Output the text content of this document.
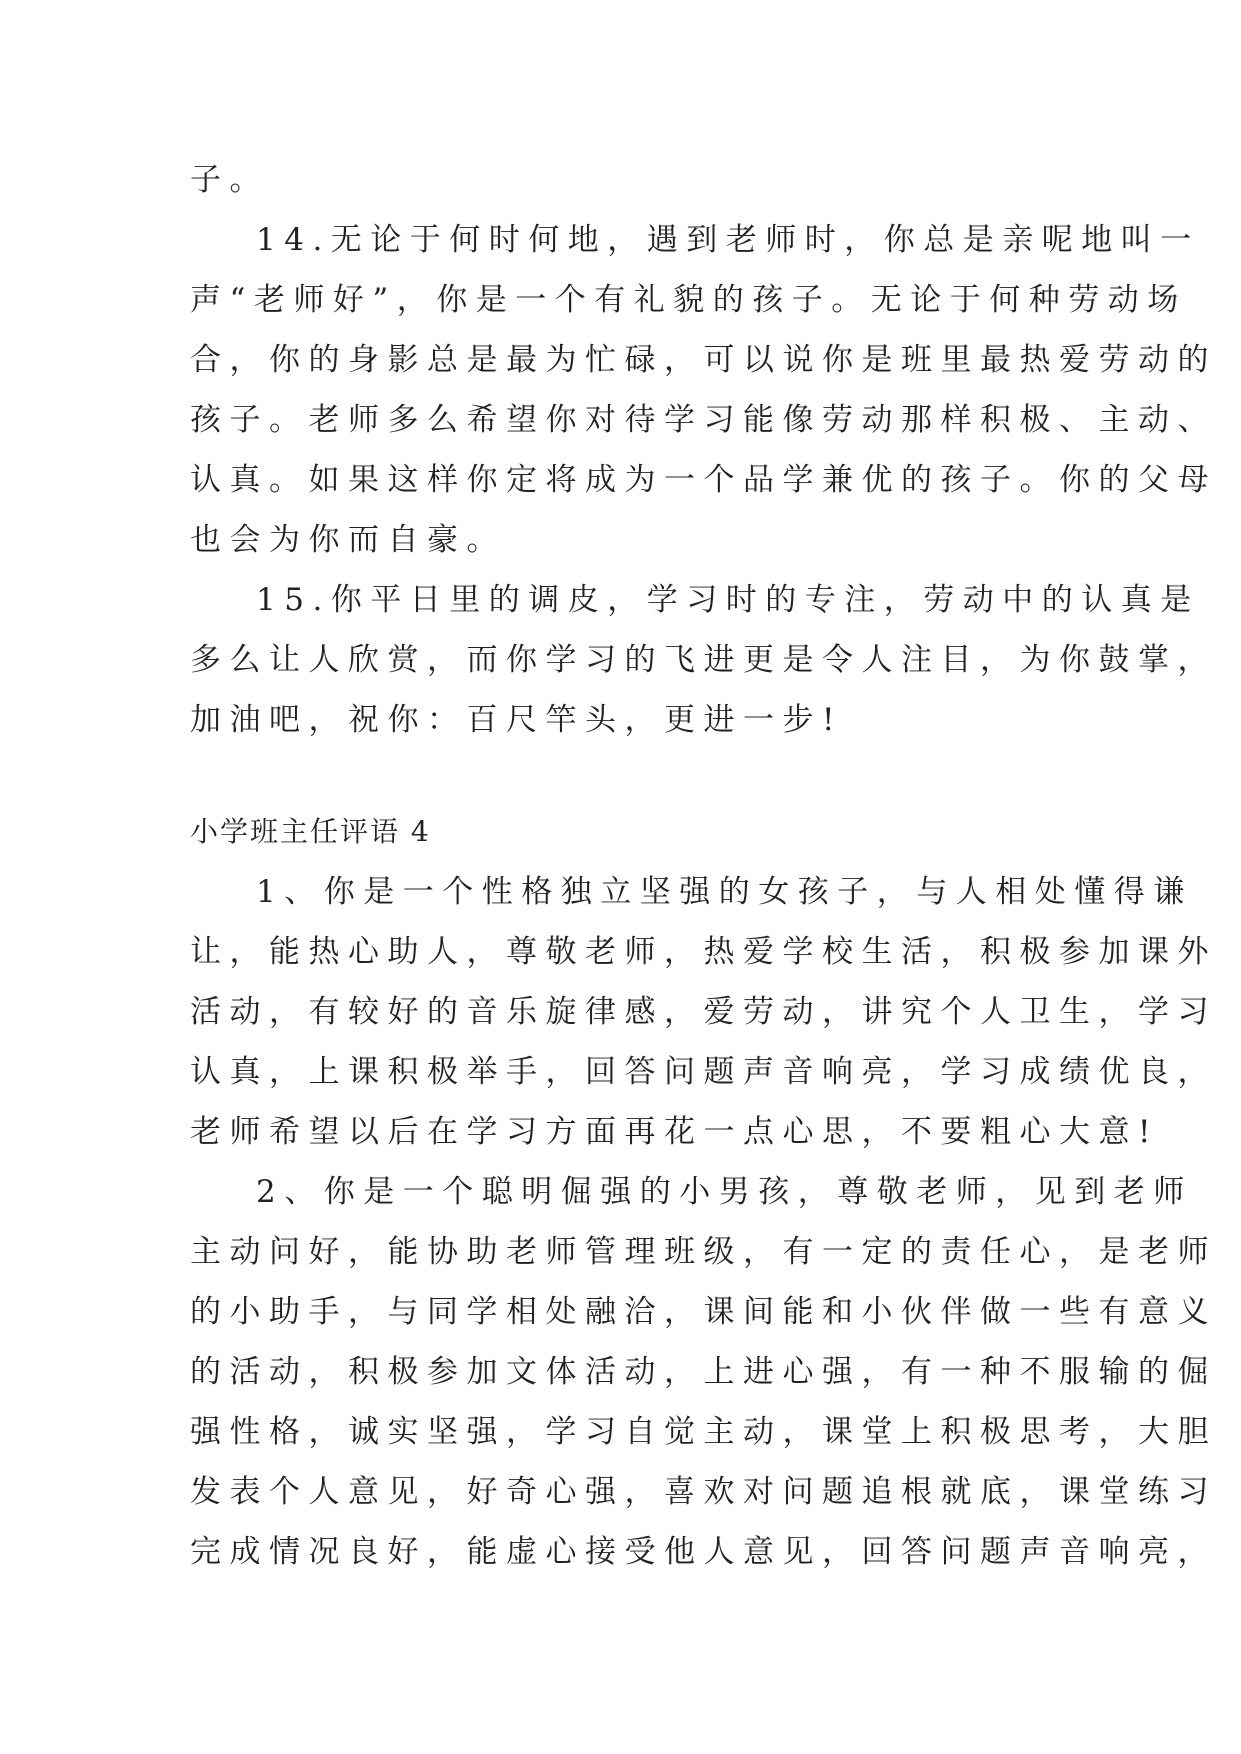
子。
14.无论于何时何地，遇到老师时，你总是亲呢地叫一
声“老师好”，你是一个有礼貌的孩子。无论于何种劳动场
合，你的身影总是最为忙碌，可以说你是班里最热爱劳动的
孩子。老师多么希望你对待学习能像劳动那样积极、主动、
认真。如果这样你定将成为一个品学兼优的孩子。你的父母
也会为你而自豪。
15.你平日里的调皮，学习时的专注，劳动中的认真是
多么让人欣赏，而你学习的飞进更是令人注目，为你鼓掌，
加油吧，祝你：百尺竿头，更进一步!
小学班主任评语 4
1、你是一个性格独立坚强的女孩子，与人相处懂得谦
让，能热心助人，尊敬老师，热爱学校生活，积极参加课外
活动，有较好的音乐旋律感，爱劳动，讲究个人卫生，学习
认真，上课积极举手，回答问题声音响亮，学习成绩优良，
老师希望以后在学习方面再花一点心思，不要粗心大意!
2、你是一个聪明倔强的小男孩，尊敬老师，见到老师
主动问好，能协助老师管理班级，有一定的责任心，是老师
的小助手，与同学相处融洽，课间能和小伙伴做一些有意义
的活动，积极参加文体活动，上进心强，有一种不服输的倔
强性格，诚实坚强，学习自觉主动，课堂上积极思考，大胆
发表个人意见，好奇心强，喜欢对问题追根就底，课堂练习
完成情况良好，能虚心接受他人意见，回答问题声音响亮，
